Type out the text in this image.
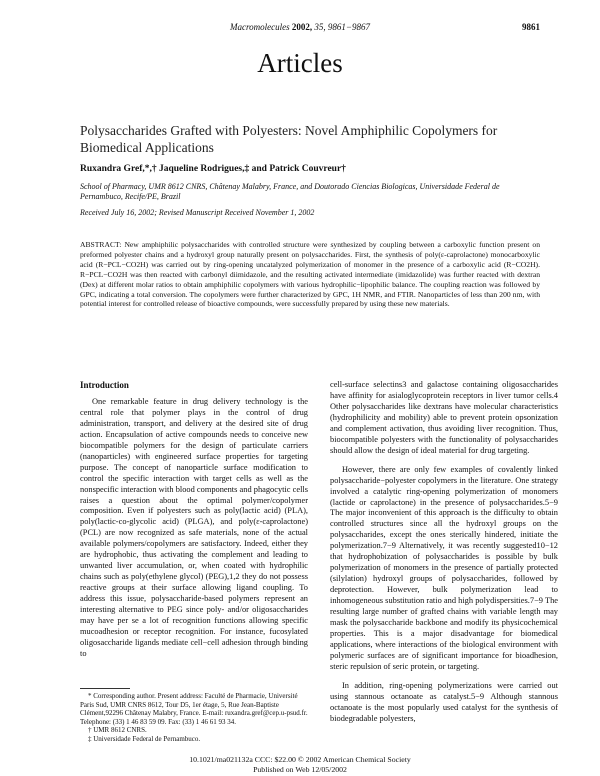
Macromolecules 2002, 35, 9861−9867	9861
Articles
Polysaccharides Grafted with Polyesters: Novel Amphiphilic Copolymers for Biomedical Applications
Ruxandra Gref,*,† Jaqueline Rodrigues,‡ and Patrick Couvreur†
School of Pharmacy, UMR 8612 CNRS, Châtenay Malabry, France, and Doutorado Ciencias Biologicas, Universidade Federal de Pernambuco, Recife/PE, Brazil
Received July 16, 2002; Revised Manuscript Received November 1, 2002

ABSTRACT: New amphiphilic polysaccharides with controlled structure were synthesized by coupling between a carboxylic function present on preformed polyester chains and a hydroxyl group naturally present on polysaccharides. First, the synthesis of poly(ε-caprolactone) monocarboxylic acid (R−PCL−CO2H) was carried out by ring-opening uncatalyzed polymerization of monomer in the presence of a carboxylic acid (R−CO2H). R−PCL−CO2H was then reacted with carbonyl diimidazole, and the resulting activated intermediate (imidazolide) was further reacted with dextran (Dex) at different molar ratios to obtain amphiphilic copolymers with various hydrophilic−lipophilic balance. The coupling reaction was followed by GPC, indicating a total conversion. The copolymers were further characterized by GPC, 1H NMR, and FTIR. Nanoparticles of less than 200 nm, with potential interest for controlled release of bioactive compounds, were successfully prepared by using these new materials.

Introduction

One remarkable feature in drug delivery technology is the central role that polymer plays in the control of drug administration, transport, and delivery at the desired site of drug action. Encapsulation of active compounds needs to conceive new biocompatible polymers for the design of particulate carriers (nanoparticles) with engineered surface properties for targeting purpose. The concept of nanoparticle surface modification to control the specific interaction with target cells as well as the nonspecific interaction with blood components and phagocytic cells raises a question about the optimal polymer/copolymer composition. Even if polyesters such as poly(lactic acid) (PLA), poly(lactic-co-glycolic acid) (PLGA), and poly(ε-caprolactone) (PCL) are now recognized as safe materials, none of the actual available polymers/copolymers are satisfactory. Indeed, either they are hydrophobic, thus activating the complement and leading to unwanted liver accumulation, or, when coated with hydrophilic chains such as poly(ethylene glycol) (PEG),1,2 they do not possess reactive groups at their surface allowing ligand coupling. To address this issue, polysaccharide-based polymers represent an interesting alternative to PEG since poly- and/or oligosaccharides may have per se a lot of recognition functions allowing specific mucoadhesion or receptor recognition. For instance, fucosylated oligosaccharide ligands mediate cell−cell adhesion through binding to

cell-surface selectins3 and galactose containing oligosaccharides have affinity for asialoglycoprotein receptors in liver tumor cells.4 Other polysaccharides like dextrans have molecular characteristics (hydrophilicity and mobility) able to prevent protein opsonization and complement activation, thus avoiding liver recognition. Thus, biocompatible polyesters with the functionality of polysaccharides should allow the design of ideal material for drug targeting.

However, there are only few examples of covalently linked polysaccharide−polyester copolymers in the literature. One strategy involved a catalytic ring-opening polymerization of monomers (lactide or caprolactone) in the presence of polysaccharides.5−9 The major inconvenient of this approach is the difficulty to obtain controlled structures since all the hydroxyl groups on the polysaccharides, except the ones sterically hindered, initiate the polymerization.7−9 Alternatively, it was recently suggested10−12 that hydrophobization of polysaccharides is possible by bulk polymerization of monomers in the presence of partially protected (silylation) hydroxyl groups of polysaccharides, followed by deprotection. However, bulk polymerization lead to inhomogeneous substitution ratio and high polydispersities.7−9 The resulting large number of grafted chains with variable length may mask the polysaccharide backbone and modify its physicochemical properties. This is a major disadvantage for biomedical applications, where interactions of the biological environment with polymeric surfaces are of significant importance for bioadhesion, steric repulsion of seric protein, or targeting.

In addition, ring-opening polymerizations were carried out using stannous octanoate as catalyst.5−9 Although stannous octanoate is the most popularly used catalyst for the synthesis of biodegradable polyesters,

* Corresponding author. Present address: Faculté de Pharmacie, Université Paris Sud, UMR CNRS 8612, Tour D5, 1er étage, 5, Rue Jean-Baptiste Clément,92296 Châtenay Malabry, France. E-mail: ruxandra.gref@cep.u-psud.fr. Telephone: (33) 1 46 83 59 09. Fax: (33) 1 46 61 93 34.

† UMR 8612 CNRS.

‡ Universidade Federal de Pernambuco.

10.1021/ma021132a CCC: $22.00 © 2002 American Chemical Society
Published on Web 12/05/2002
